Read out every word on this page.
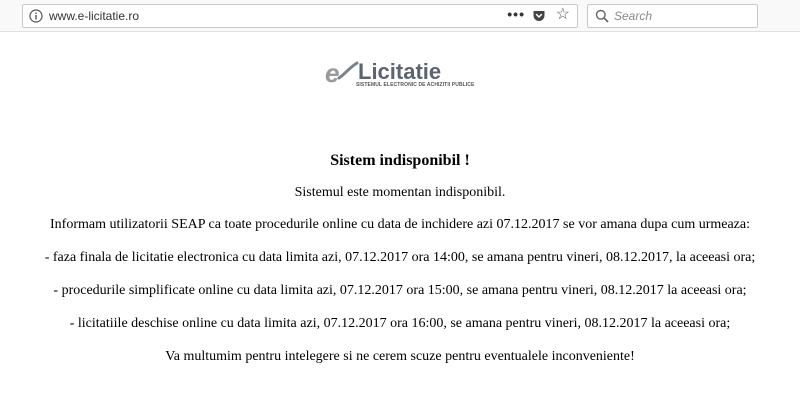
www.e-licitatie.ro	••• ☆	Search
e Licitatie
SISTEMUL ELECTRONIC DE ACHIZITII PUBLICE

Sistem indisponibil !

Sistemul este momentan indisponibil.

Informam utilizatorii SEAP ca toate procedurile online cu data de inchidere azi 07.12.2017 se vor amana dupa cum urmeaza:

- faza finala de licitatie electronica cu data limita azi, 07.12.2017 ora 14:00, se amana pentru vineri, 08.12.2017, la aceeasi ora;

- procedurile simplificate online cu data limita azi, 07.12.2017 ora 15:00, se amana pentru vineri, 08.12.2017 la aceeasi ora;

- licitatiile deschise online cu data limita azi, 07.12.2017 ora 16:00, se amana pentru vineri, 08.12.2017 la aceeasi ora;

Va multumim pentru intelegere si ne cerem scuze pentru eventualele inconveniente!
